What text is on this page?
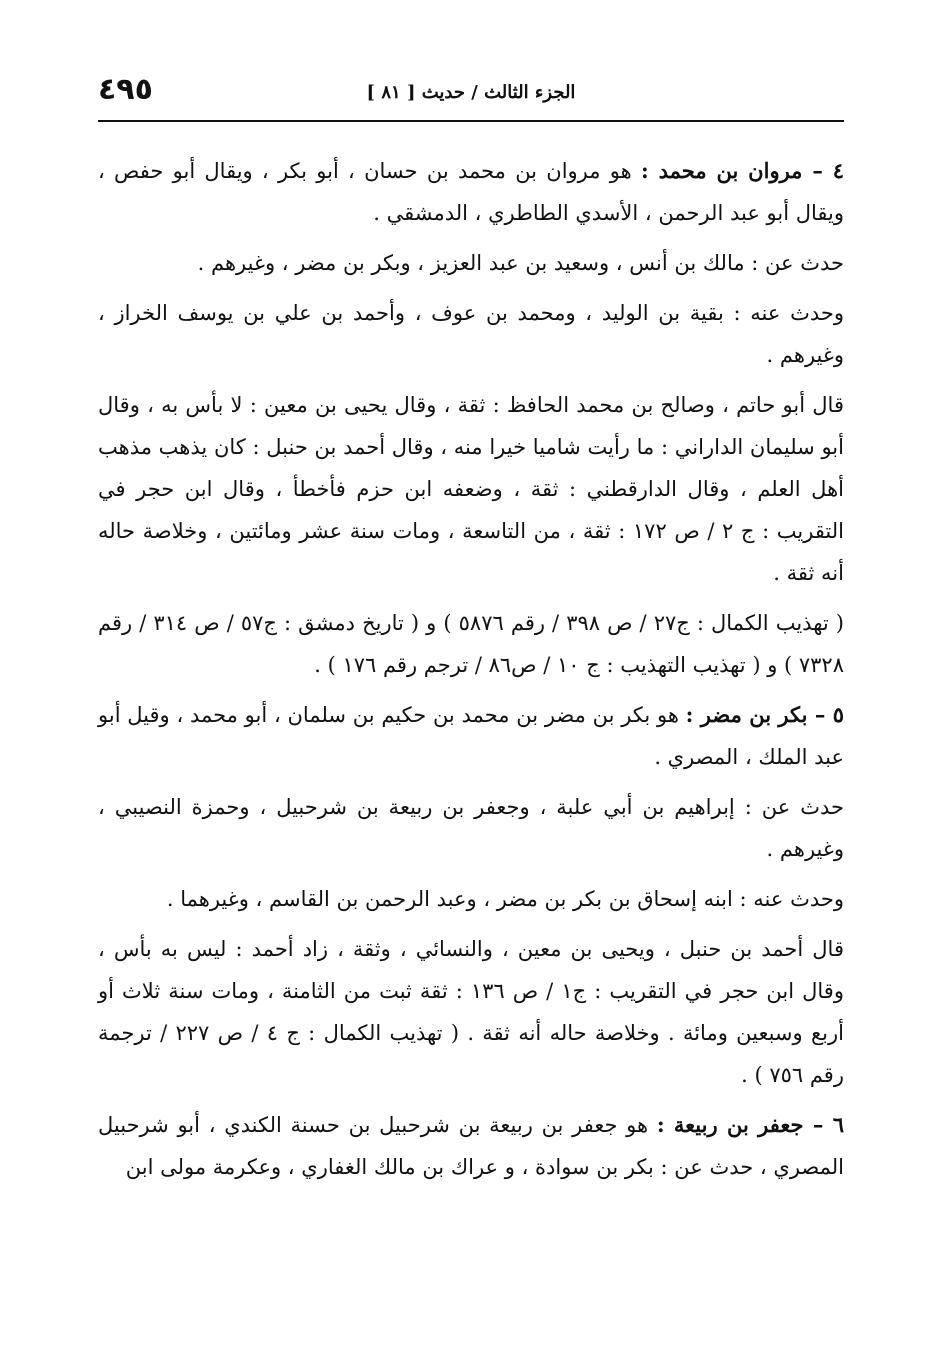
٤٩٥	الجزء الثالث / حديث [ ٨١ ]

٤ – مروان بن محمد : هو مروان بن محمد بن حسان ، أبو بكر ، ويقال أبو حفص ، ويقال أبو عبد الرحمن ، الأسدي الطاطري ، الدمشقي .

حدث عن : مالك بن أنس ، وسعيد بن عبد العزيز ، وبكر بن مضر ، وغيرهم .

وحدث عنه : بقية بن الوليد ، ومحمد بن عوف ، وأحمد بن علي بن يوسف الخراز ، وغيرهم .

قال أبو حاتم ، وصالح بن محمد الحافظ : ثقة ، وقال يحيى بن معين : لا بأس به ، وقال أبو سليمان الداراني : ما رأيت شاميا خيرا منه ، وقال أحمد بن حنبل : كان يذهب مذهب أهل العلم ، وقال الدارقطني : ثقة ، وضعفه ابن حزم فأخطأ ، وقال ابن حجر في التقريب : ج ٢ / ص ١٧٢ : ثقة ، من التاسعة ، ومات سنة عشر ومائتين ، وخلاصة حاله أنه ثقة .

( تهذيب الكمال : ج٢٧ / ص ٣٩٨ / رقم ٥٨٧٦ ) و ( تاريخ دمشق : ج٥٧ / ص ٣١٤ / رقم ٧٣٢٨ ) و ( تهذيب التهذيب : ج ١٠ / ص٨٦ / ترجم رقم ١٧٦ ) .

٥ – بكر بن مضر : هو بكر بن مضر بن محمد بن حكيم بن سلمان ، أبو محمد ، وقيل أبو عبد الملك ، المصري .

حدث عن : إبراهيم بن أبي علبة ، وجعفر بن ربيعة بن شرحبيل ، وحمزة النصيبي ، وغيرهم .

وحدث عنه : ابنه إسحاق بن بكر بن مضر ، وعبد الرحمن بن القاسم ، وغيرهما .

قال أحمد بن حنبل ، ويحيى بن معين ، والنسائي ، وثقة ، زاد أحمد : ليس به بأس ، وقال ابن حجر في التقريب : ج١ / ص ١٣٦ : ثقة ثبت من الثامنة ، ومات سنة ثلاث أو أربع وسبعين ومائة . وخلاصة حاله أنه ثقة . ( تهذيب الكمال : ج ٤ / ص ٢٢٧ / ترجمة رقم ٧٥٦ ) .

٦ – جعفر بن ربيعة : هو جعفر بن ربيعة بن شرحبيل بن حسنة الكندي ، أبو شرحبيل المصري ، حدث عن : بكر بن سوادة ، و عراك بن مالك الغفاري ، وعكرمة مولى ابن
